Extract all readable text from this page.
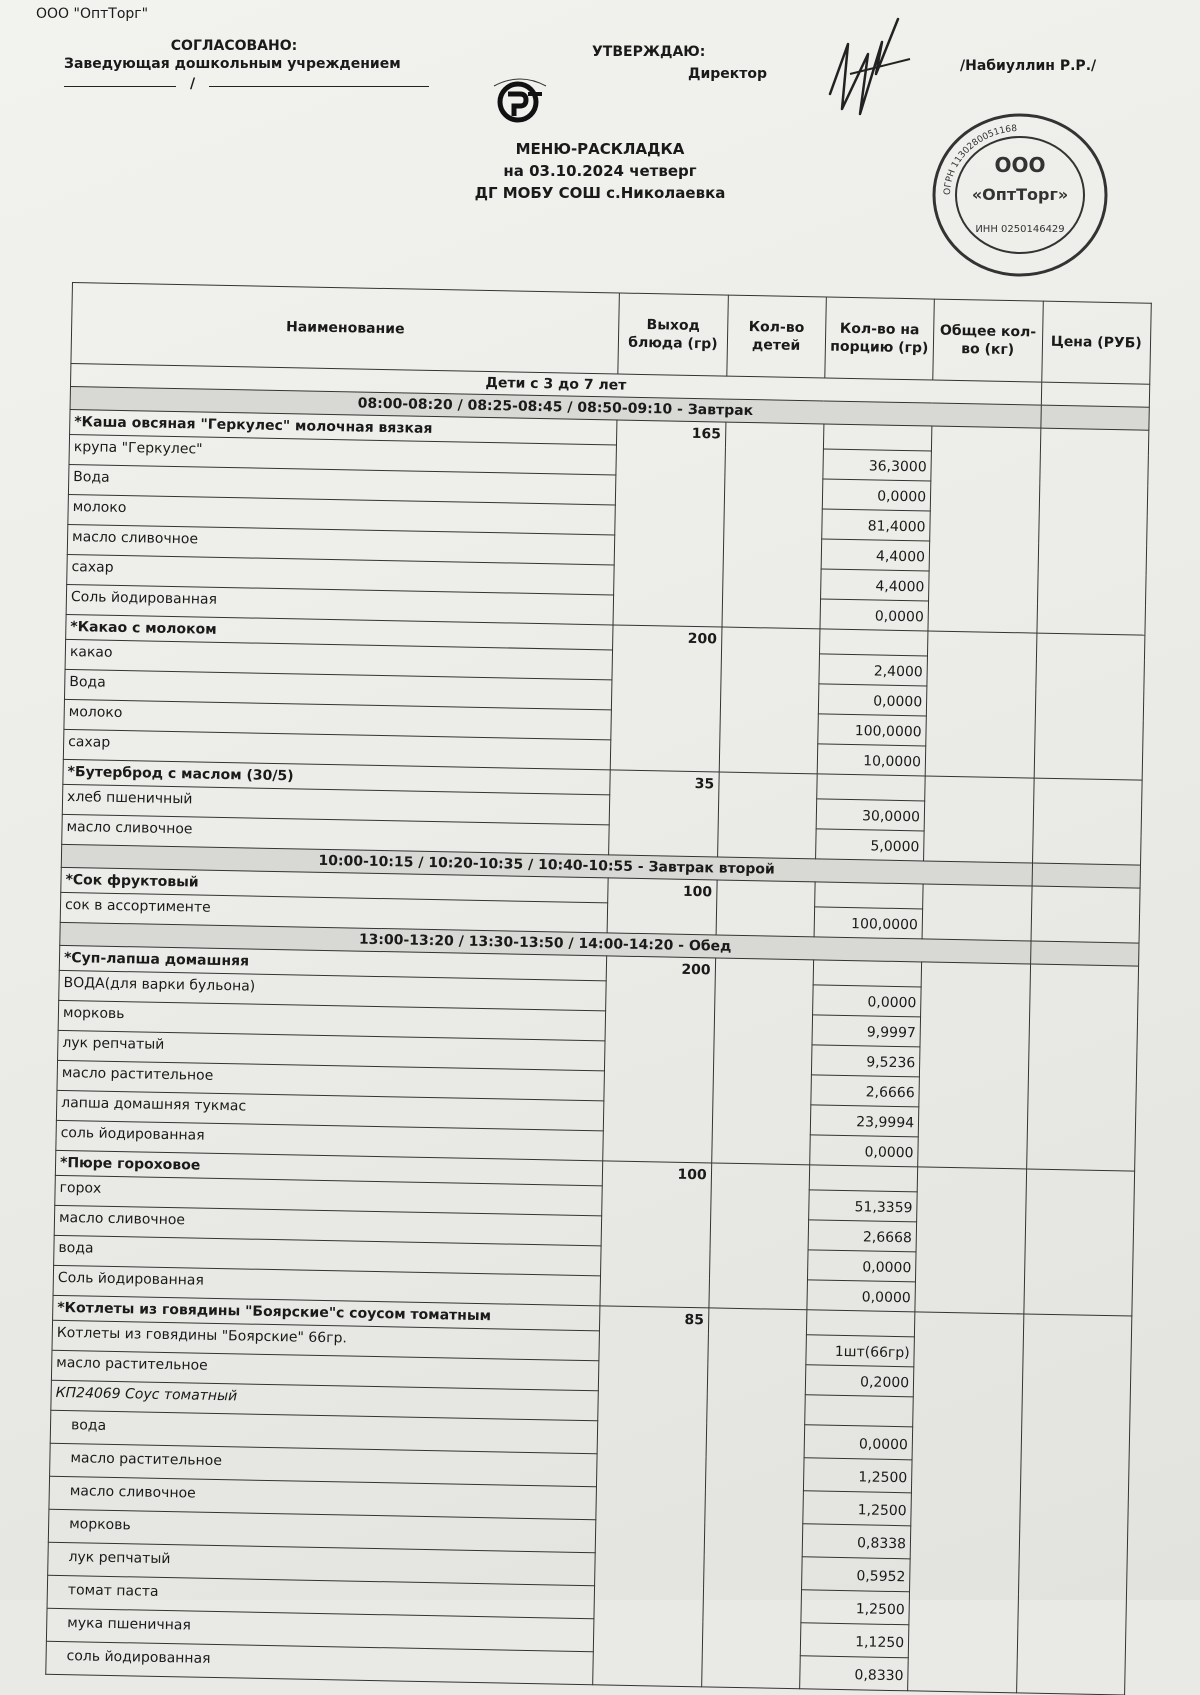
ООО "ОптТорг"
СОГЛАСОВАНО:
Заведующая дошкольным учреждением
/
УТВЕРЖДАЮ:
Директор	/Набиуллин Р.Р./
МЕНЮ-РАСКЛАДКА
на 03.10.2024 четверг
ДГ МОБУ СОШ с.Николаевка	ОГРН 1130280051168
ООО
«ОптТорг»
ИНН 0250146429
Наименование	Выход блюда (гр)	Кол-во детей	Кол-во на порцию (гр)	Общее кол-во (кг)	Цена (РУБ)
Дети с 3 до 7 лет					
08:00-08:20 / 08:25-08:45 / 08:50-09:10 - Завтрак					
*Каша овсяная "Геркулес" молочная вязкая	165				
крупа "Геркулес"			36,3000		
Вода			0,0000		
молоко			81,4000		
масло сливочное			4,4000		
сахар			4,4000		
Соль йодированная			0,0000		
*Какао с молоком	200				
какао			2,4000		
Вода			0,0000		
молоко			100,0000		
сахар			10,0000		
*Бутерброд с маслом (30/5)	35				
хлеб пшеничный			30,0000		
масло сливочное			5,0000		
10:00-10:15 / 10:20-10:35 / 10:40-10:55 - Завтрак второй					
*Сок фруктовый	100				
сок в ассортименте			100,0000		
13:00-13:20 / 13:30-13:50 / 14:00-14:20 - Обед					
*Суп-лапша домашняя	200				
ВОДА(для варки бульона)			0,0000		
морковь			9,9997		
лук репчатый			9,5236		
масло растительное			2,6666		
лапша домашняя тукмас			23,9994		
соль йодированная			0,0000		
*Пюре гороховое	100				
горох			51,3359		
масло сливочное			2,6668		
вода			0,0000		
Соль йодированная			0,0000		
*Котлеты из говядины "Боярские"с соусом томатным	85				
Котлеты из говядины "Боярские" 66гр.			1шт(66гр)		
масло растительное			0,2000		
КП24069 Соус томатный					
вода			0,0000		
масло растительное			1,2500		
масло сливочное			1,2500		
морковь			0,8338		
лук репчатый			0,5952		
томат паста			1,2500		
мука пшеничная			1,1250		
соль йодированная			0,8330		
